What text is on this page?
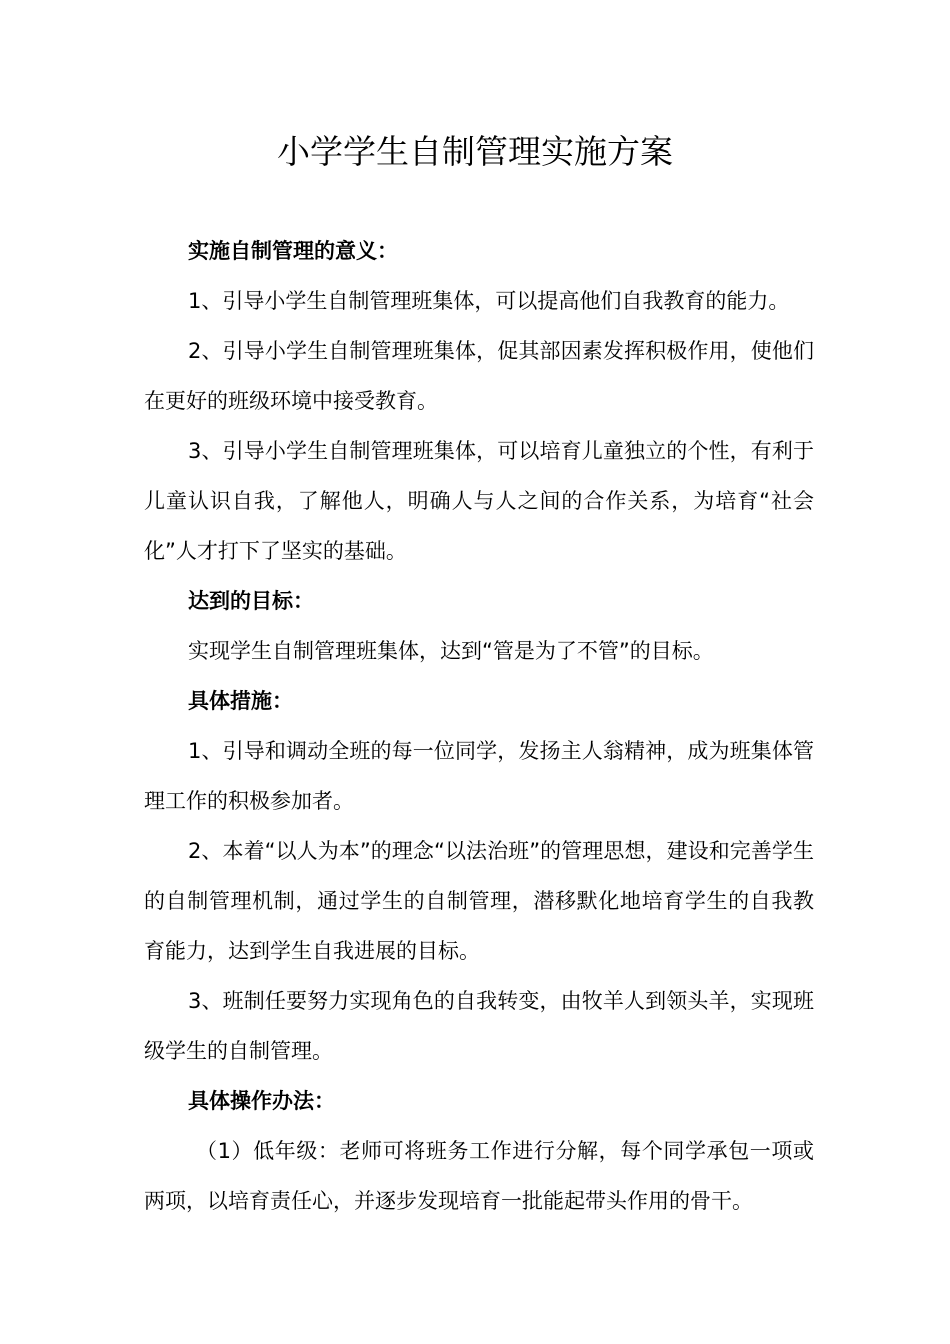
小学学生自制管理实施方案

实施自制管理的意义：

1、引导小学生自制管理班集体，可以提高他们自我教育的能力。

2、引导小学生自制管理班集体，促其部因素发挥积极作用，使他们在更好的班级环境中接受教育。

3、引导小学生自制管理班集体，可以培育儿童独立的个性，有利于儿童认识自我，了解他人，明确人与人之间的合作关系，为培育“社会化”人才打下了坚实的基础。

达到的目标：

实现学生自制管理班集体，达到“管是为了不管”的目标。

具体措施：

1、引导和调动全班的每一位同学，发扬主人翁精神，成为班集体管理工作的积极参加者。

2、本着“以人为本”的理念“以法治班”的管理思想，建设和完善学生的自制管理机制，通过学生的自制管理，潜移默化地培育学生的自我教育能力，达到学生自我进展的目标。

3、班制任要努力实现角色的自我转变，由牧羊人到领头羊，实现班级学生的自制管理。

具体操作办法：

（1）低年级：老师可将班务工作进行分解，每个同学承包一项或两项，以培育责任心，并逐步发现培育一批能起带头作用的骨干。
